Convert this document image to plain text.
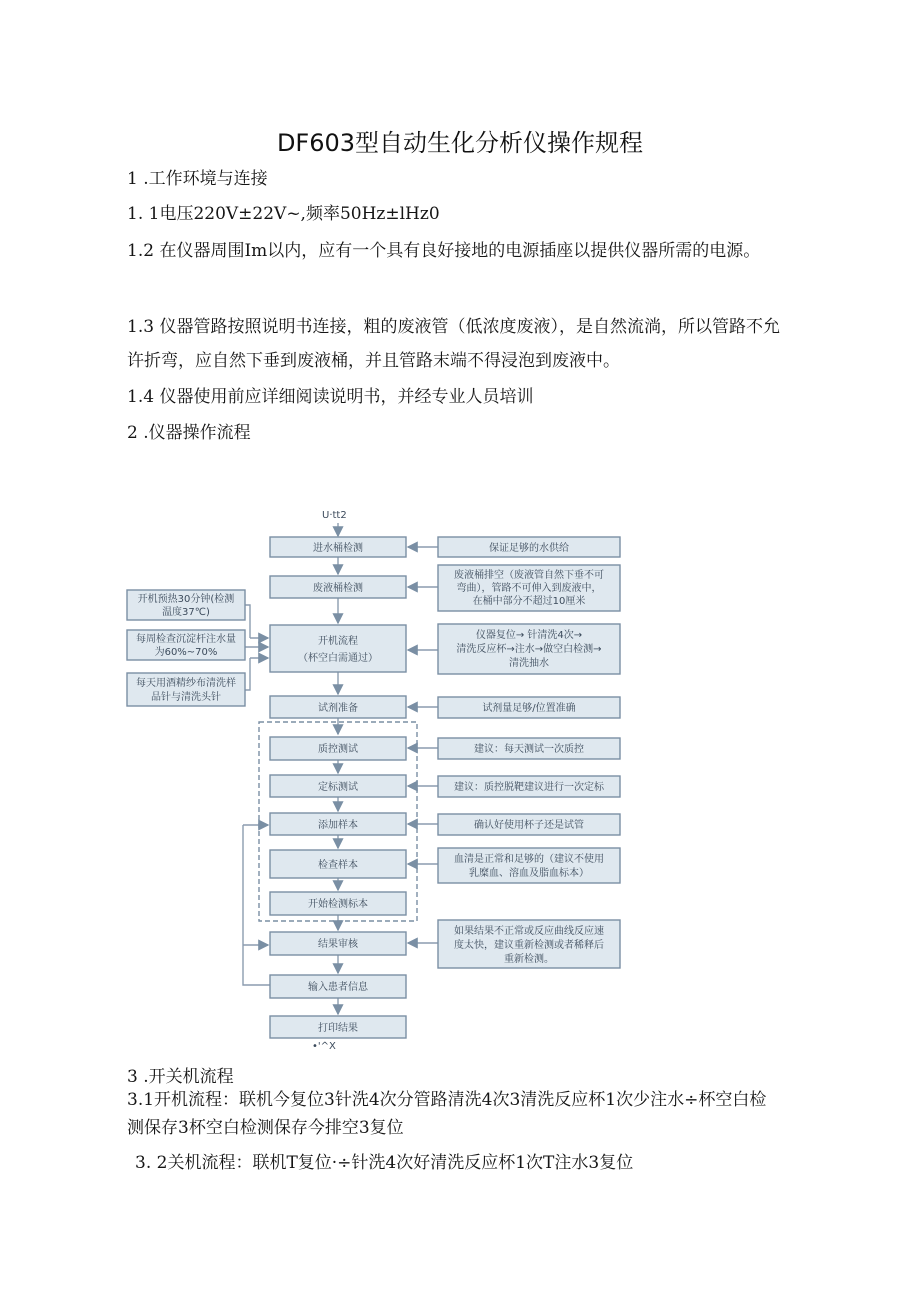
DF603型自动生化分析仪操作规程
1 .工作环境与连接
1. 1电压220V±22V~,频率50Hz±lHz0
1.2 在仪器周围Im以内，应有一个具有良好接地的电源插座以提供仪器所需的电源。
1.3 仪器管路按照说明书连接，粗的废液管（低浓度废液），是自然流淌，所以管路不允许折弯，应自然下垂到废液桶，并且管路末端不得浸泡到废液中。
1.4 仪器使用前应详细阅读说明书，并经专业人员培训
2 .仪器操作流程
U·tt2
进水桶检测
废液桶检测
开机流程
（杯空白需通过）
试剂准备
质控测试
定标测试
添加样本
检查样本
开始检测标本
结果审核
输入患者信息
打印结果
•'^X
保证足够的水供给
废液桶排空（废液管自然下垂不可
弯曲），管路不可伸入到废液中，
在桶中部分不超过10厘米
仪器复位→ 针清洗4次→
清洗反应杯→注水→做空白检测→
清洗抽水
试剂量足够/位置准确
建议：每天测试一次质控
建议：质控脱靶建议进行一次定标
确认好使用杯子还是试管
血清是正常和足够的（建议不使用
乳糜血、溶血及脂血标本）
如果结果不正常或反应曲线反应速
度太快，建议重新检测或者稀释后
重新检测。
开机预热30分钟(检测
温度37℃)
每周检查沉淀杆注水量
为60%~70%
每天用酒精纱布清洗样
品针与清洗头针
3 .开关机流程
3.1开机流程：联机今复位3针洗4次分管路清洗4次3清洗反应杯1次少注水÷杯空白检测保存3杯空白检测保存今排空3复位
3. 2关机流程：联机T复位·÷针洗4次好清洗反应杯1次T注水3复位
